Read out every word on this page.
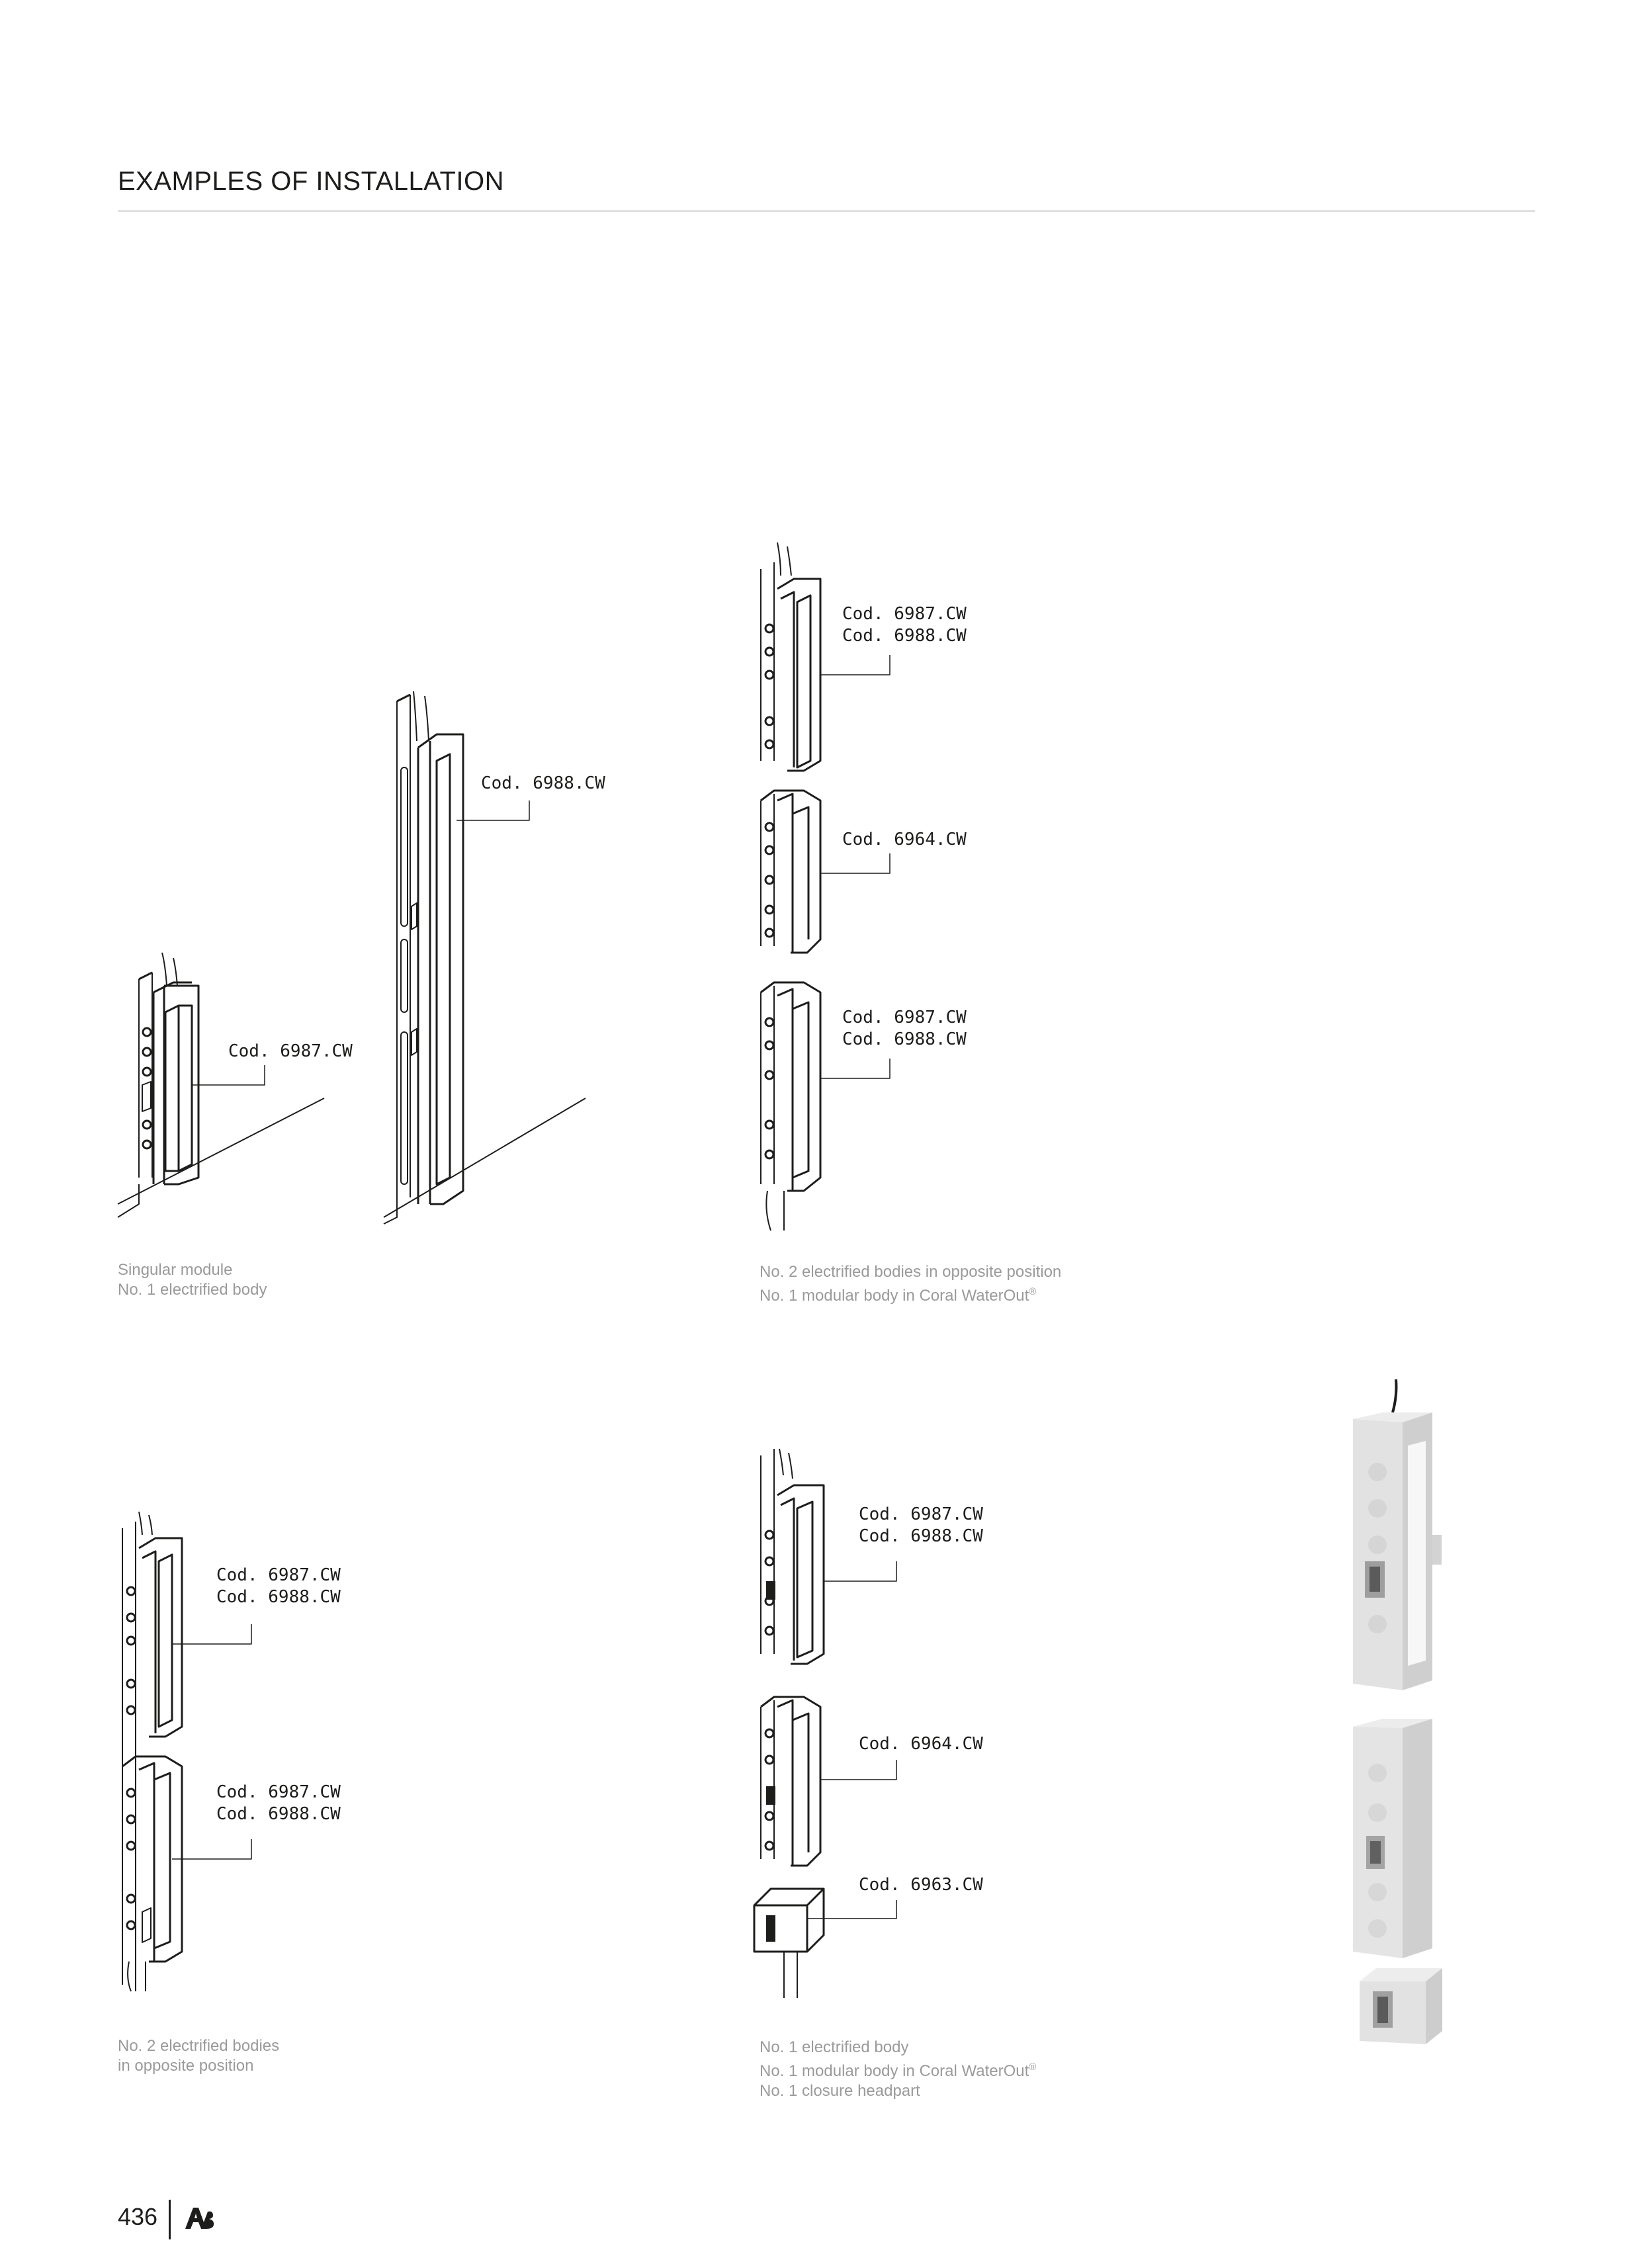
EXAMPLES OF INSTALLATION
Cod. 6987.CW
Cod. 6988.CW
Cod. 6987.CW
Cod. 6988.CW
Cod. 6964.CW
Cod. 6987.CW
Cod. 6988.CW
Cod. 6987.CW
Cod. 6988.CW
Cod. 6987.CW
Cod. 6988.CW
Cod. 6987.CW
Cod. 6988.CW
Cod. 6964.CW
Cod. 6963.CW
Singular module
No. 1 electrified body
No. 2 electrified bodies in opposite position
No. 1 modular body in Coral WaterOut®
No. 2 electrified bodies
in opposite position
No. 1 electrified body
No. 1 modular body in Coral WaterOut®
No. 1 closure headpart
436
